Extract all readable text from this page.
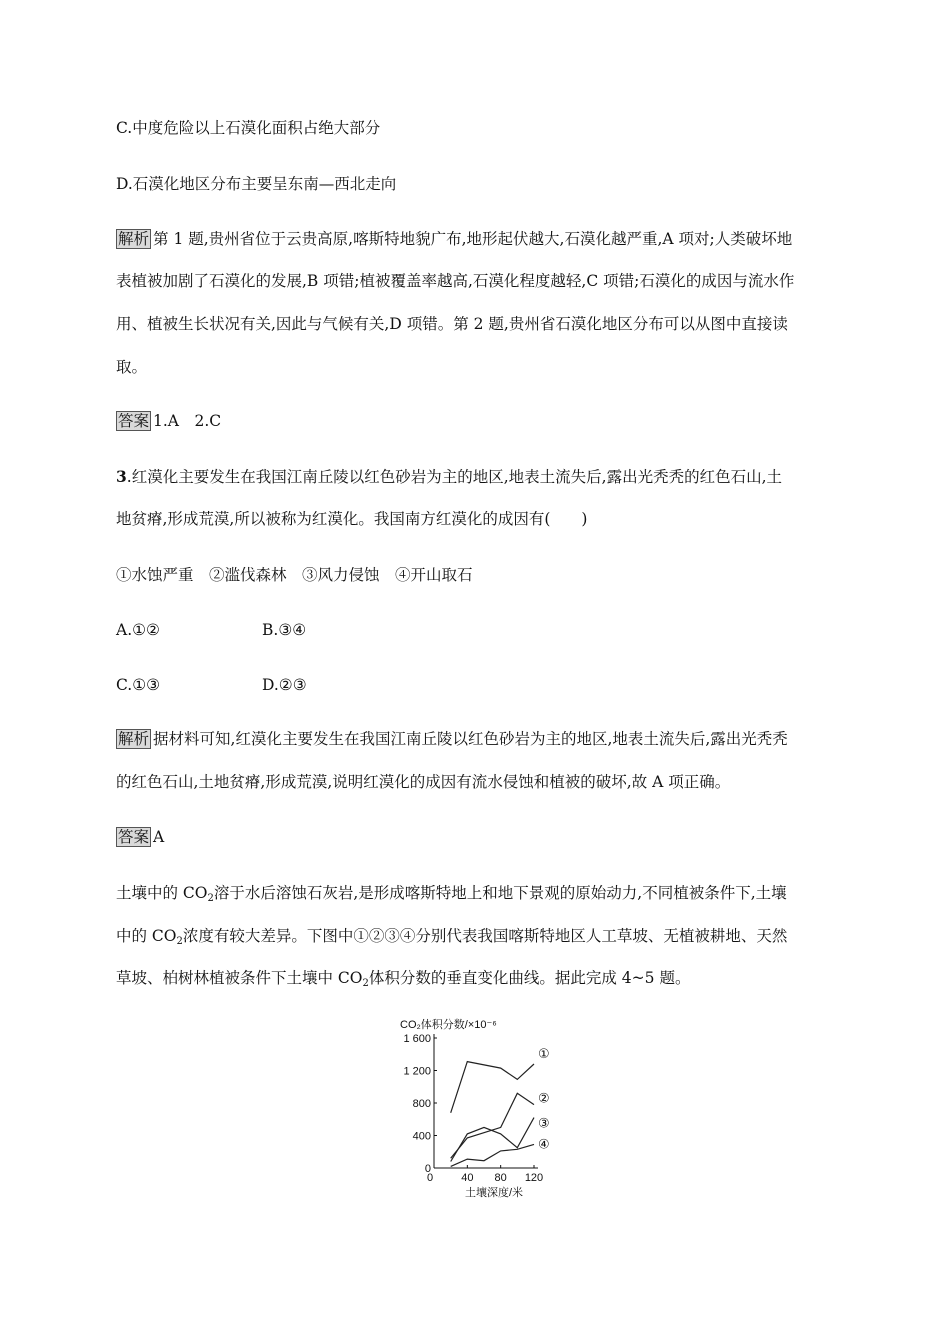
C.中度危险以上石漠化面积占绝大部分
D.石漠化地区分布主要呈东南—西北走向
解析 第 1 题,贵州省位于云贵高原,喀斯特地貌广布,地形起伏越大,石漠化越严重,A 项对;人类破坏地
表植被加剧了石漠化的发展,B 项错;植被覆盖率越高,石漠化程度越轻,C 项错;石漠化的成因与流水作
用、植被生长状况有关,因此与气候有关,D 项错。第 2 题,贵州省石漠化地区分布可以从图中直接读
取。
答案 1.A　2.C
3.红漠化主要发生在我国江南丘陵以红色砂岩为主的地区,地表土流失后,露出光秃秃的红色石山,土
地贫瘠,形成荒漠,所以被称为红漠化。我国南方红漠化的成因有(　　)
①水蚀严重　②滥伐森林　③风力侵蚀　④开山取石
A.①②	B.③④
C.①③	D.②③
解析 据材料可知,红漠化主要发生在我国江南丘陵以红色砂岩为主的地区,地表土流失后,露出光秃秃
的红色石山,土地贫瘠,形成荒漠,说明红漠化的成因有流水侵蚀和植被的破坏,故 A 项正确。
答案 A
土壤中的 $CO_2$溶于水后溶蚀石灰岩,是形成喀斯特地上和地下景观的原始动力,不同植被条件下,土壤
中的 $CO_2$浓度有较大差异。下图中①②③④分别代表我国喀斯特地区人工草坡、无植被耕地、天然
草坡、柏树林植被条件下土壤中 $CO_2$体积分数的垂直变化曲线。据此完成 4~5 题。
CO₂体积分数/×10⁻⁶
土壤深度/米
0
400
800
1 200
1 600
0	40 80 120
①
②
③
④
